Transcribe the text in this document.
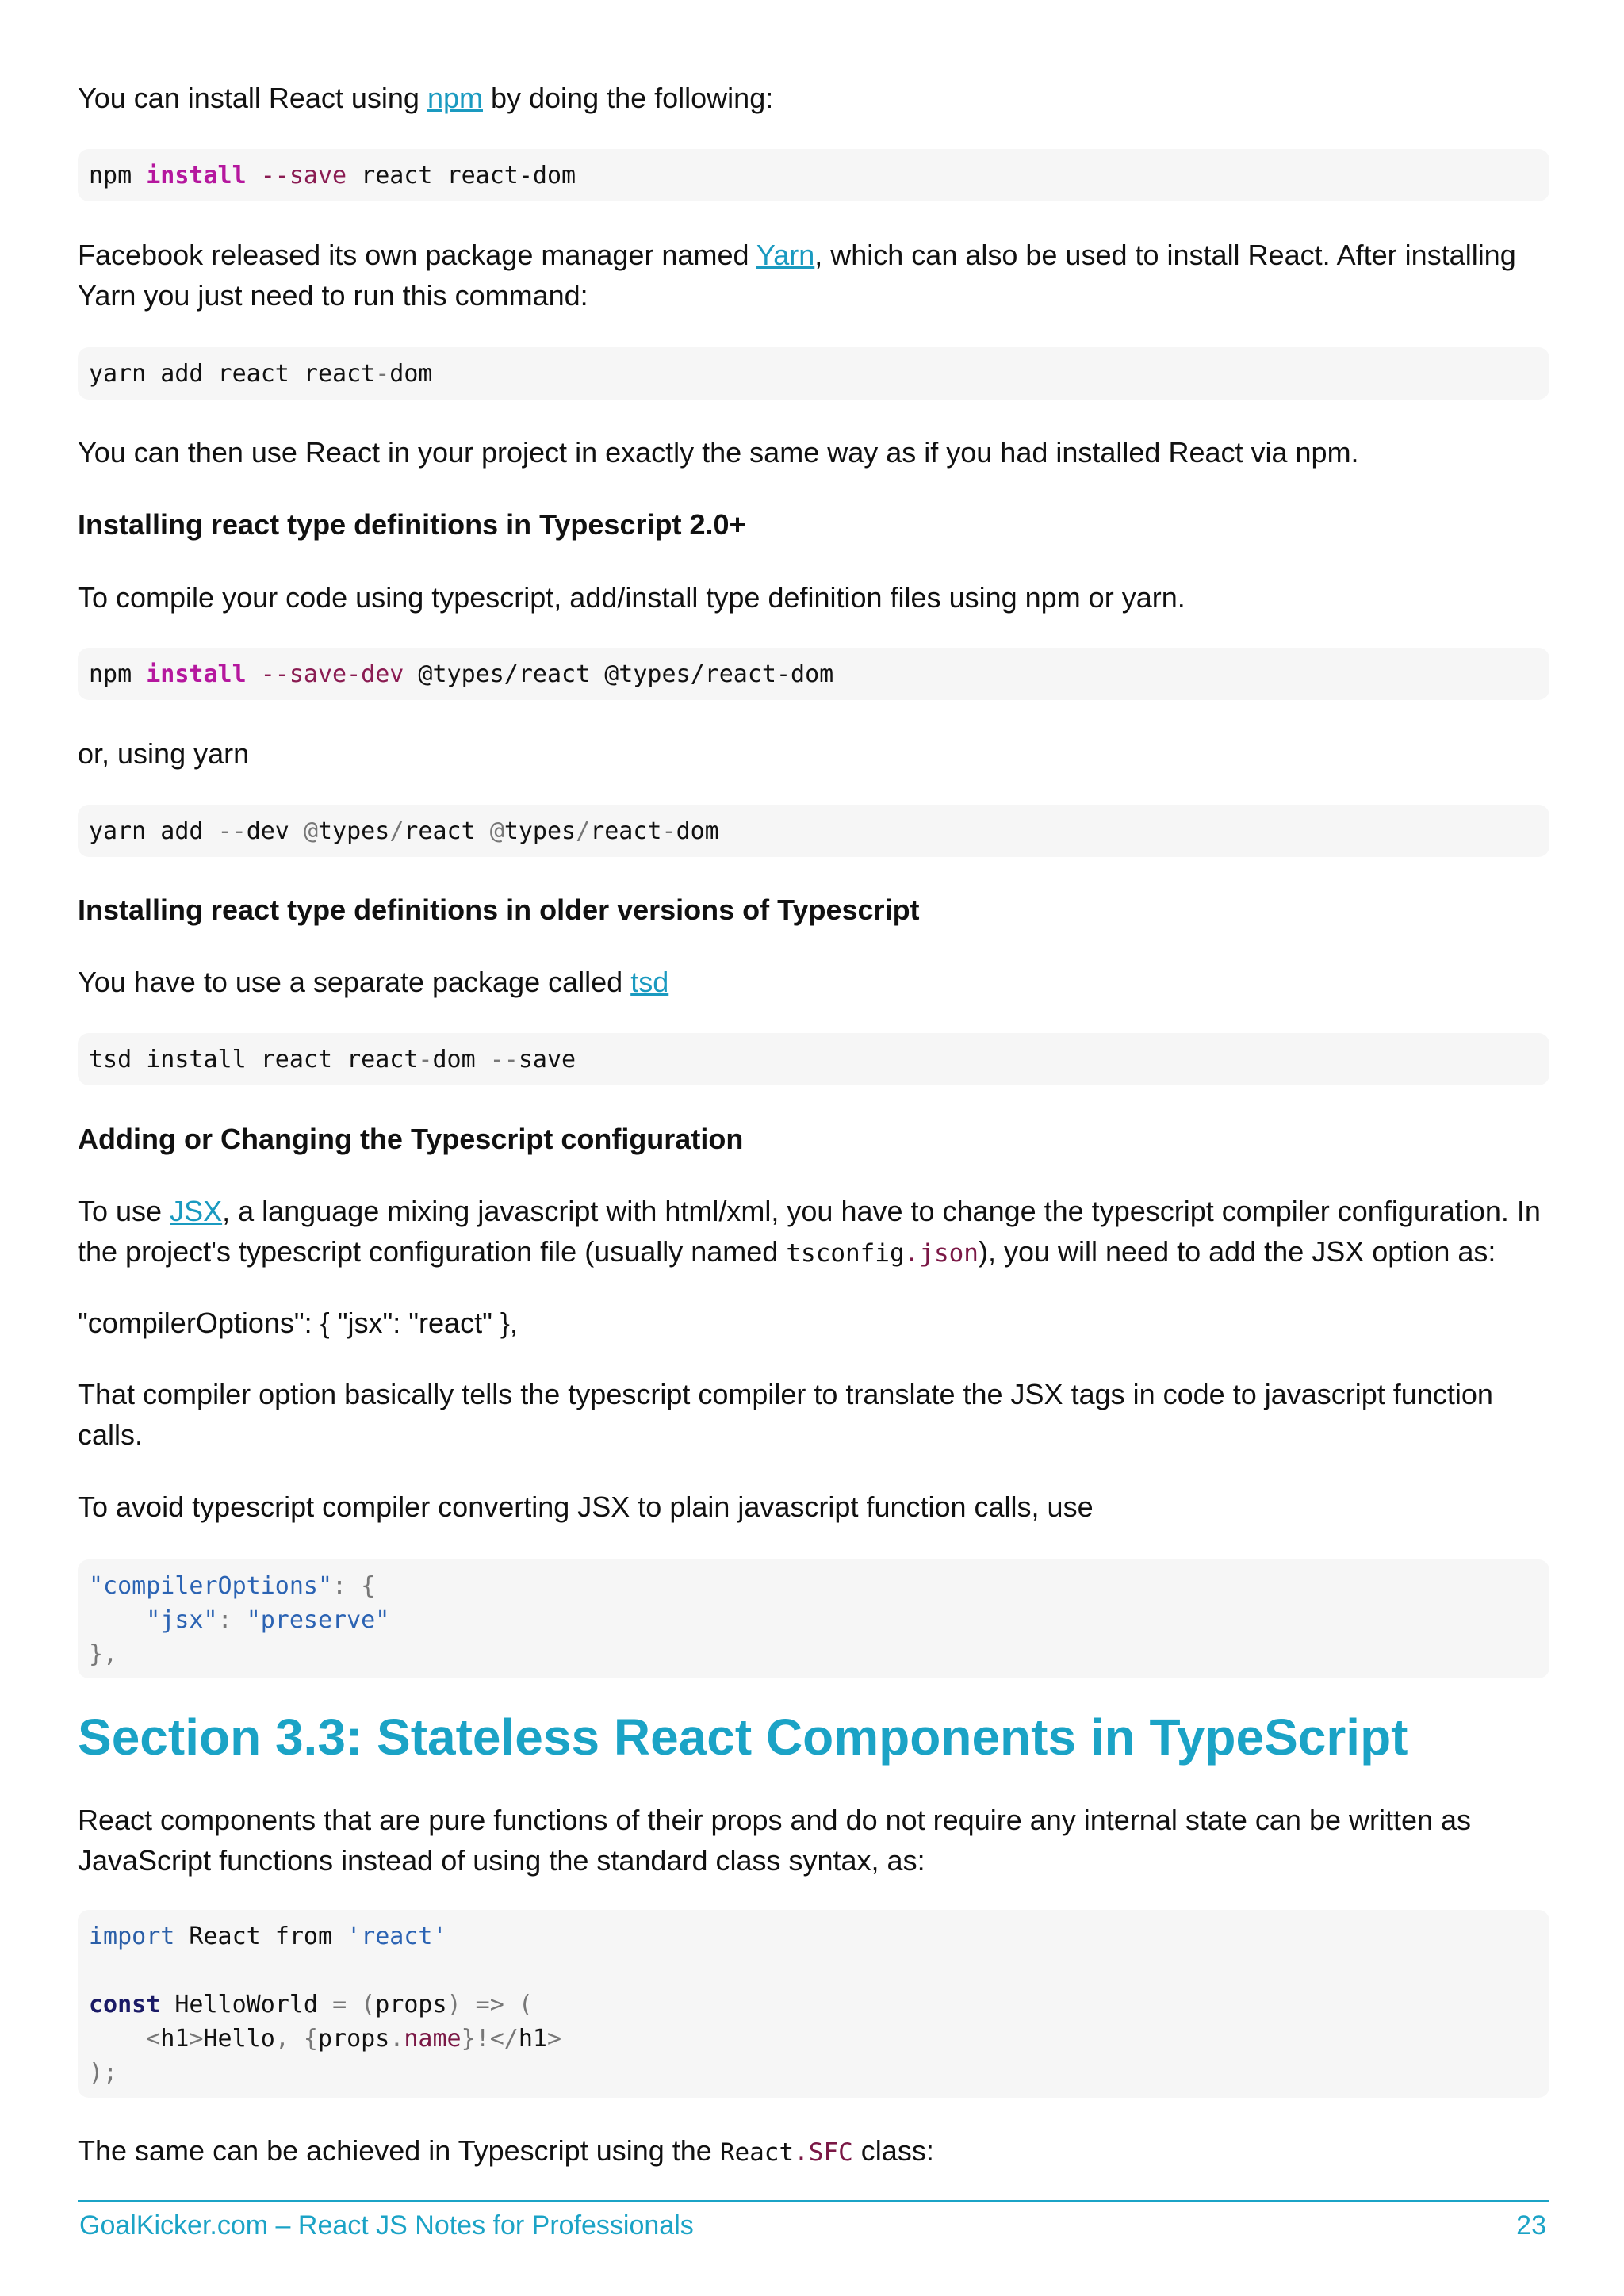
You can install React using npm by doing the following:

npm install --save react react-dom

Facebook released its own package manager named Yarn, which can also be used to install React. After installing Yarn you just need to run this command:

yarn add react react - dom

You can then use React in your project in exactly the same way as if you had installed React via npm.

Installing react type definitions in Typescript 2.0+

To compile your code using typescript, add/install type definition files using npm or yarn.

npm install --save-dev @types/react @types/react-dom

or, using yarn

yarn add -- dev @ types / react @ types / react - dom

Installing react type definitions in older versions of Typescript

You have to use a separate package called tsd

tsd install react react - dom -- save

Adding or Changing the Typescript configuration

To use JSX, a language mixing javascript with html/xml, you have to change the typescript compiler configuration. In the project's typescript configuration file (usually named tsconfig.json), you will need to add the JSX option as:

"compilerOptions": { "jsx": "react" },

That compiler option basically tells the typescript compiler to translate the JSX tags in code to javascript function calls.

To avoid typescript compiler converting JSX to plain javascript function calls, use

"compilerOptions": {
"jsx": "preserve"
},
Section 3.3: Stateless React Components in TypeScript

React components that are pure functions of their props and do not require any internal state can be written as JavaScript functions instead of using the standard class syntax, as:

import React from 'react'

const HelloWorld = (props) => (
<h1>Hello, {props.name}!</h1>
);

The same can be achieved in Typescript using the React.SFC class:

GoalKicker.com – React JS Notes for Professionals	23
